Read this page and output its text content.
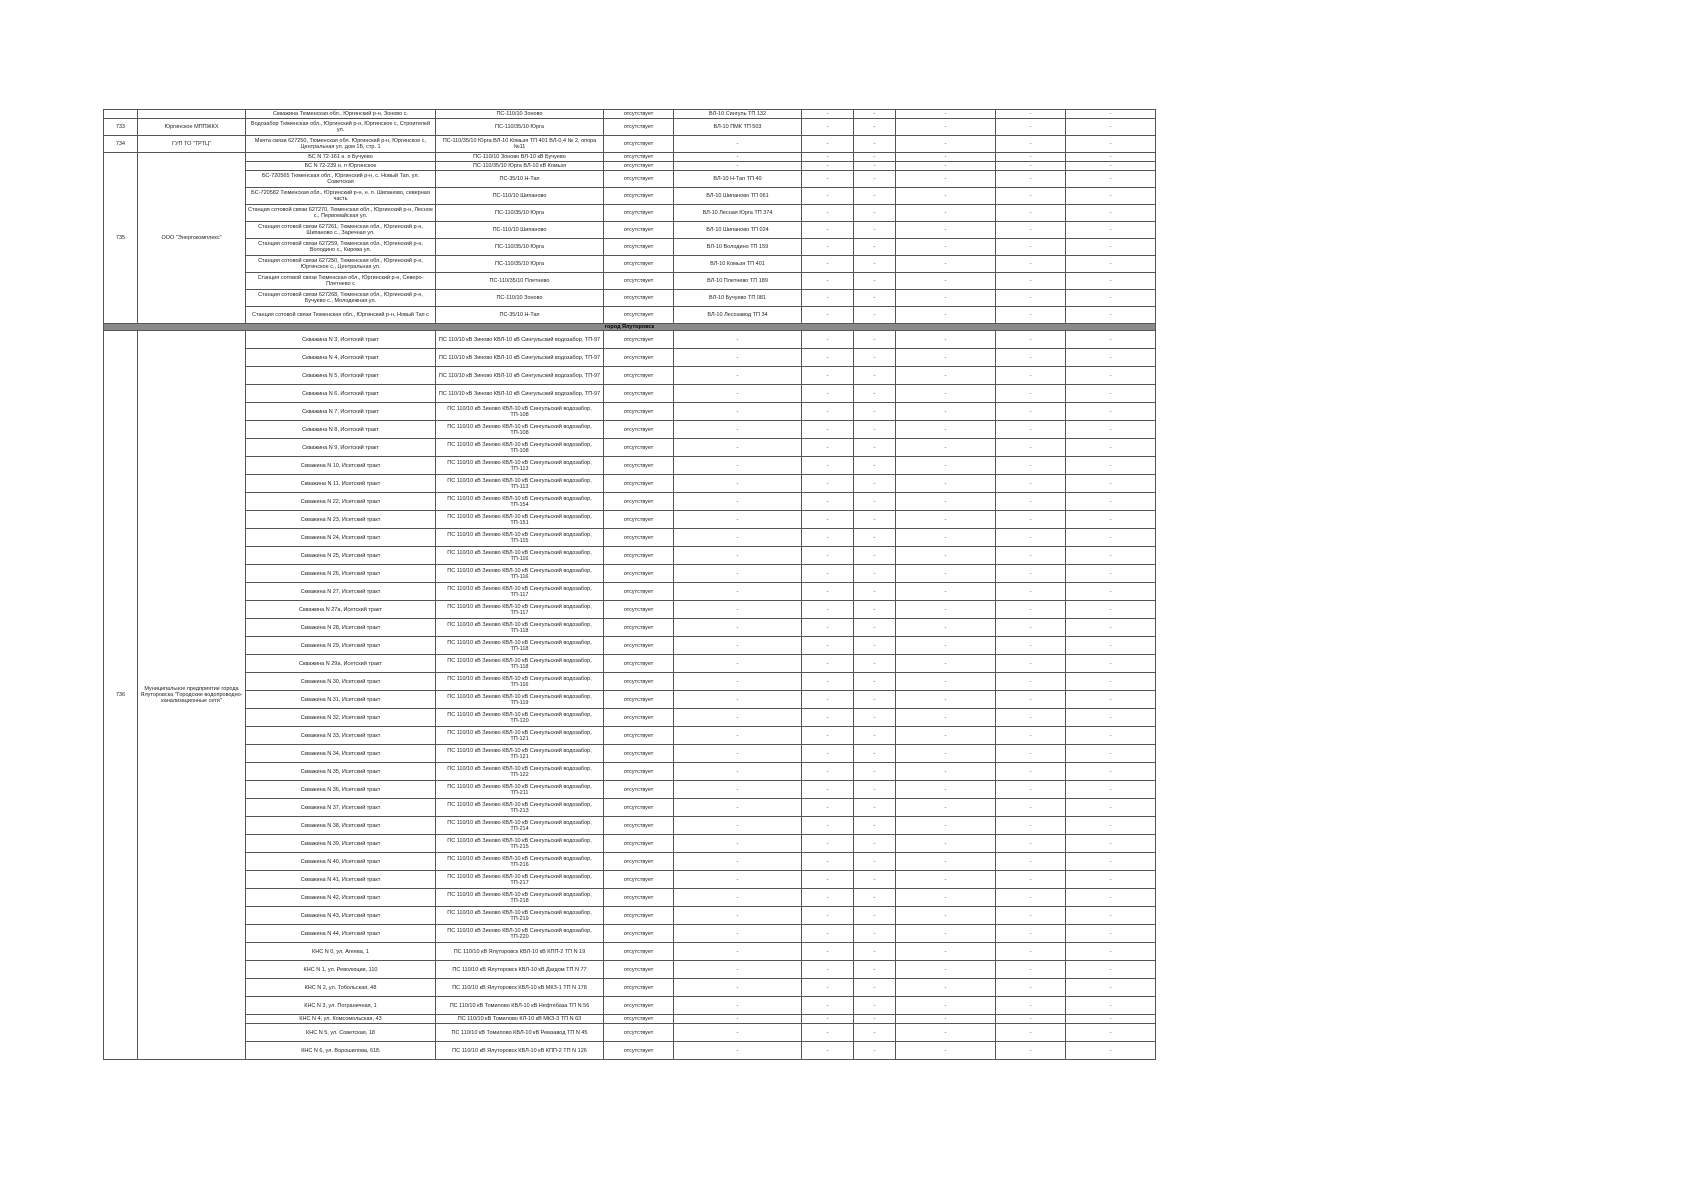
		Скважина Тюменская обл., Юргинский р-н, Зоново с.	ПС-110/10 Зоново	отсутствует	ВЛ-10 Сингуль ТП 132	-	-	-	-	-
733	Юргинское МППЖКХ	Водозабор Тюменская обл., Юргинский р-н, Юргинское с, Строителей ул.	ПС-110/35/10 Юрга	отсутствует	ВЛ-10 ПМК ТП 503	-	-	-	-	-
734	ГУП ТО "ТРТЦ"	Мачта связи 627250, Тюменская обл. Юргинский р-н, Юргинское с, Центральная ул. дом 1Б, стр. 1	ПС-110/35/10 Юрга ВЛ-10 Комьзя ТП 401 ВЛ-0,4 № 2, опора №11	отсутствует	-	-	-	-	-	-
735	ООО "Энергокомплекс"	БС N 72-161 н. п Бучуево	ПС-110/10 Зоново ВЛ-10 кВ Бучуево	отсутствует	-	-	-	-	-	-
		БС N 72-239 н. п Юргинское	ПС-110/35/10 Юрга ВЛ-10 кВ Комьзя	отсутствует	-	-	-	-	-	-
		БС-720565 Тюменская обл., Юргинский р-н, с. Новый Тап, ул. Советская	ПС-35/10 Н-Тап	отсутствует	ВЛ-10 Н-Тап ТП 40	-	-	-	-	-
		БС-720582 Тюменская обл., Юргинский р-н, н. п. Шипаново, северная часть	ПС-110/10 Шипаново	отсутствует	ВЛ-10 Шипаново ТП 061	-	-	-	-	-
		Станция сотовой связи 627270, Тюменская обл., Юргинский р-н, Лесное с., Первомайская ул.	ПС-110/35/10 Юрга	отсутствует	ВЛ-10 Лесная Юрга ТП 374	-	-	-	-	-
		Станция сотовой связи 627261, Тюменская обл., Юргинский р-н, Шипаново с., Заречная ул.	ПС-110/10 Шипаново	отсутствует	ВЛ-10 Шипаново ТП 024	-	-	-	-	-
		Станция сотовой связи 627259, Тюменская обл., Юргинский р-н, Володино с., Кирова ул.	ПС-110/35/10 Юрга	отсутствует	ВЛ-10 Володино ТП 159	-	-	-	-	-
		Станция сотовой связи 627250, Тюменская обл., Юргинский р-н, Юргинское с., Центральная ул.	ПС-110/35/10 Юрга	отсутствует	ВЛ-10 Комьзя ТП 401	-	-	-	-	-
		Станция сотовой связи Тюменская обл., Юргинский р-н, Северо-Плетнево с	ПС-110/35/10 Плетнево	отсутствует	ВЛ-10 Плетнево ТП 189	-	-	-	-	-
		Станция сотовой связи 627268, Тюменская обл., Юргинский р-н, Бучуево с., Молодежная ул.	ПС-110/10 Зоново	отсутствует	ВЛ-10 Бучуево ТП 081	-	-	-	-	-
		Станция сотовой связи Тюменская обл., Юргинский р-н, Новый Тап с	ПС-35/10 Н-Тап	отсутствует	ВЛ-10 Лесозавод ТП 34	-	-	-	-	-
город Ялуторовск										
736	Муниципальное предприятие города Ялуторовска "Городские водопроводно-канализационные сети"	Скважина N 3, Исетский тракт	ПС 110/10 кВ Зиново КВЛ-10 кВ Сингульский водозабор, ТП-97	отсутствует	-	-	-	-	-	-
		Скважина N 4, Исетский тракт	ПС 110/10 кВ Зиново КВЛ-10 кВ Сингульский водозабор, ТП-97	отсутствует	-	-	-	-	-	-
		Скважина N 5, Исетский тракт	ПС 110/10 кВ Зиново КВЛ-10 кВ Сингульский водозабор, ТП-97	отсутствует	-	-	-	-	-	-
		Скважина N 6, Исетский тракт	ПС 110/10 кВ Зиново КВЛ-10 кВ Сингульский водозабор, ТП-97	отсутствует	-	-	-	-	-	-
		Скважина N 7, Исетский тракт	ПС 110/10 кВ Зиново КВЛ-10 кВ Сингульский водозабор, ТП-108	отсутствует	-	-	-	-	-	-
		Скважина N 8, Исетский тракт	ПС 110/10 кВ Зиново КВЛ-10 кВ Сингульский водозабор, ТП-108	отсутствует	-	-	-	-	-	-
		Скважина N 9, Исетский тракт	ПС 110/10 кВ Зиново КВЛ-10 кВ Сингульский водозабор, ТП-108	отсутствует	-	-	-	-	-	-
		Скважина N 10, Исетский тракт	ПС 110/10 кВ Зиново КВЛ-10 кВ Сингульский водозабор, ТП-113	отсутствует	-	-	-	-	-	-
		Скважина N 11, Исетский тракт	ПС 110/10 кВ Зиново КВЛ-10 кВ Сингульский водозабор, ТП-113	отсутствует	-	-	-	-	-	-
		Скважина N 22, Исетский тракт	ПС 110/10 кВ Зиново КВЛ-10 кВ Сингульский водозабор, ТП-154	отсутствует	-	-	-	-	-	-
		Скважина N 23, Исетский тракт	ПС 110/10 кВ Зиново КВЛ-10 кВ Сингульский водозабор, ТП-151	отсутствует	-	-	-	-	-	-
		Скважина N 24, Исетский тракт	ПС 110/10 кВ Зиново КВЛ-10 кВ Сингульский водозабор, ТП-115	отсутствует	-	-	-	-	-	-
		Скважина N 25, Исетский тракт	ПС 110/10 кВ Зиново КВЛ-10 кВ Сингульский водозабор, ТП-116	отсутствует	-	-	-	-	-	-
		Скважина N 26, Исетский тракт	ПС 110/10 кВ Зиново КВЛ-10 кВ Сингульский водозабор, ТП-116	отсутствует	-	-	-	-	-	-
		Скважина N 27, Исетский тракт	ПС 110/10 кВ Зиново КВЛ-10 кВ Сингульский водозабор, ТП-117	отсутствует	-	-	-	-	-	-
		Скважина N 27а, Исетский тракт	ПС 110/10 кВ Зиново КВЛ-10 кВ Сингульский водозабор, ТП-117	отсутствует	-	-	-	-	-	-
		Скважина N 28, Исетский тракт	ПС 110/10 кВ Зиново КВЛ-10 кВ Сингульский водозабор, ТП-118	отсутствует	-	-	-	-	-	-
		Скважина N 29, Исетский тракт	ПС 110/10 кВ Зиново КВЛ-10 кВ Сингульский водозабор, ТП-118	отсутствует	-	-	-	-	-	-
		Скважина N 29а, Исетский тракт	ПС 110/10 кВ Зиново КВЛ-10 кВ Сингульский водозабор, ТП-118	отсутствует	-	-	-	-	-	-
		Скважина N 30, Исетский тракт	ПС 110/10 кВ Зиново КВЛ-10 кВ Сингульский водозабор, ТП-116	отсутствует	-	-	-	-	-	-
		Скважина N 31, Исетский тракт	ПС 110/10 кВ Зиново КВЛ-10 кВ Сингульский водозабор, ТП-119	отсутствует	-	-	-	-	-	-
		Скважина N 32, Исетский тракт	ПС 110/10 кВ Зиново КВЛ-10 кВ Сингульский водозабор, ТП-120	отсутствует	-	-	-	-	-	-
		Скважина N 33, Исетский тракт	ПС 110/10 кВ Зиново КВЛ-10 кВ Сингульский водозабор, ТП-121	отсутствует	-	-	-	-	-	-
		Скважина N 34, Исетский тракт	ПС 110/10 кВ Зиново КВЛ-10 кВ Сингульский водозабор, ТП-121	отсутствует	-	-	-	-	-	-
		Скважина N 35, Исетский тракт	ПС 110/10 кВ Зиново КВЛ-10 кВ Сингульский водозабор, ТП-122	отсутствует	-	-	-	-	-	-
		Скважина N 36, Исетский тракт	ПС 110/10 кВ Зиново КВЛ-10 кВ Сингульский водозабор, ТП-211	отсутствует	-	-	-	-	-	-
		Скважина N 37, Исетский тракт	ПС 110/10 кВ Зиново КВЛ-10 кВ Сингульский водозабор, ТП-213	отсутствует	-	-	-	-	-	-
		Скважина N 38, Исетский тракт	ПС 110/10 кВ Зиново КВЛ-10 кВ Сингульский водозабор, ТП-214	отсутствует	-	-	-	-	-	-
		Скважина N 39, Исетский тракт	ПС 110/10 кВ Зиново КВЛ-10 кВ Сингульский водозабор, ТП-215	отсутствует	-	-	-	-	-	-
		Скважина N 40, Исетский тракт	ПС 110/10 кВ Зиново КВЛ-10 кВ Сингульский водозабор, ТП-216	отсутствует	-	-	-	-	-	-
		Скважина N 41, Исетский тракт	ПС 110/10 кВ Зиново КВЛ-10 кВ Сингульский водозабор, ТП-217	отсутствует	-	-	-	-	-	-
		Скважина N 42, Исетский тракт	ПС 110/10 кВ Зиново КВЛ-10 кВ Сингульский водозабор, ТП-218	отсутствует	-	-	-	-	-	-
		Скважина N 43, Исетский тракт	ПС 110/10 кВ Зиново КВЛ-10 кВ Сингульский водозабор, ТП-219	отсутствует	-	-	-	-	-	-
		Скважина N 44, Исетский тракт	ПС 110/10 кВ Зиново КВЛ-10 кВ Сингульский водозабор, ТП-220	отсутствует	-	-	-	-	-	-
		КНС N 0, ул. Агеева, 1	ПС 110/10 кВ Ялуторовск КВЛ-10 кВ КПП-2 ТП N 19	отсутствует	-	-	-	-	-	-
		КНС N 1, ул. Революции, 110	ПС 110/10 кВ Ялуторовск КВЛ-10 кВ Дагдом ТП N 77	отсутствует	-	-	-	-	-	-
		КНС N 2, ул. Тобольская, 48	ПС 110/10 кВ Ялуторовск КВЛ-10 кВ МКЗ-1 ТП N 178	отсутствует	-	-	-	-	-	-
		КНС N 3, ул. Пограничная, 1	ПС 110/10 кВ Томилово КВЛ-10 кВ Нефтебаза ТП N 56	отсутствует	-	-	-	-	-	-
		КНС N 4, ул. Комсомольская, 43	ПС 110/10 кВ Томилово КЛ-10 кВ МКЗ-3 ТП N 63	отсутствует	-	-	-	-	-	-
		КНС N 5, ул. Советская, 18	ПС 110/10 кВ Томилово КВЛ-10 кВ Ремзавод ТП N 45	отсутствует	-	-	-	-	-	-
		КНС N 6, ул. Ворошилова, 61Б	ПС 110/10 кВ Ялуторовск КВЛ-10 кВ КПП-2 ТП N 126	отсутствует	-	-	-	-	-	-
